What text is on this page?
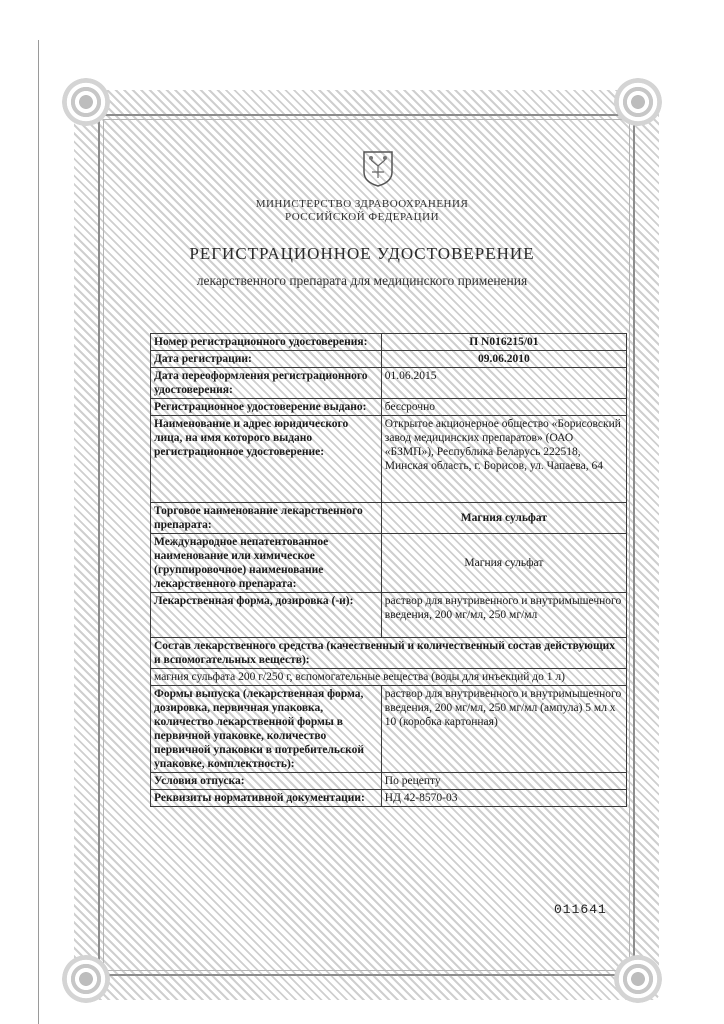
МИНИСТЕРСТВО ЗДРАВООХРАНЕНИЯ
РОССИЙСКОЙ ФЕДЕРАЦИИ
РЕГИСТРАЦИОННОЕ УДОСТОВЕРЕНИЕ
лекарственного препарата для медицинского применения
Номер регистрационного удостоверения:	П N016215/01
Дата регистрации:	09.06.2010
Дата переоформления регистрационного удостоверения:	01.06.2015
Регистрационное удостоверение выдано:	бессрочно
Наименование и адрес юридического лица, на имя которого выдано регистрационное удостоверение:	Открытое акционерное общество «Борисовский завод медицинских препаратов» (ОАО «БЗМП»), Республика Беларусь 222518, Минская область, г. Борисов, ул. Чапаева, 64
Торговое наименование лекарственного препарата:	Магния сульфат
Международное непатентованное наименование или химическое (группировочное) наименование лекарственного препарата:	Магния сульфат
Лекарственная форма, дозировка (-и):	раствор для внутривенного и внутримышечного введения, 200 мг/мл, 250 мг/мл
Состав лекарственного средства (качественный и количественный состав действующих и вспомогательных веществ):	
магния сульфата 200 г/250 г, вспомогательные вещества (воды для инъекций до 1 л)	
Формы выпуска (лекарственная форма, дозировка, первичная упаковка, количество лекарственной формы в первичной упаковке, количество первичной упаковки в потребительской упаковке, комплектность):	раствор для внутривенного и внутримышечного введения, 200 мг/мл, 250 мг/мл (ампула) 5 мл х 10 (коробка картонная)
Условия отпуска:	По рецепту
Реквизиты нормативной документации:	НД 42-8570-03
011641
